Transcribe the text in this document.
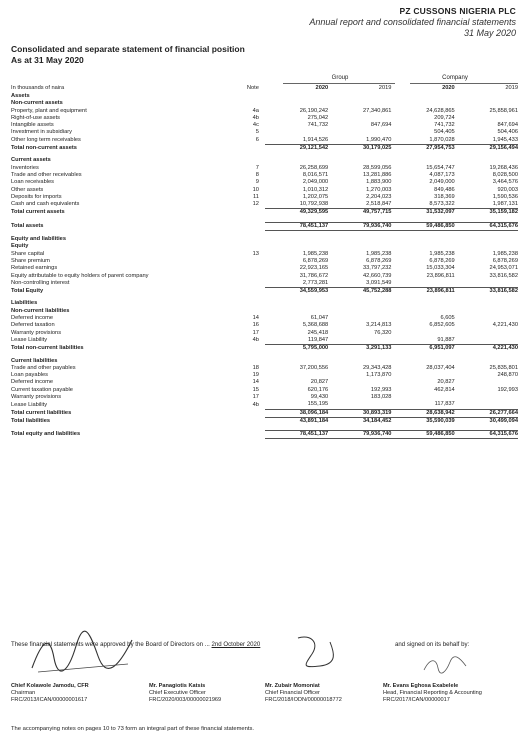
PZ CUSSONS NIGERIA PLC
Annual report and consolidated financial statements
31 May 2020
Consolidated and separate statement of financial position
As at 31 May 2020
Group	Company
In thousands of naira	Note	2020	2019	2020	2019
Assets					
Non-current assets					
Property, plant and equipment	4a	26,190,242	27,340,861	24,628,865	25,858,961
Right-of-use assets	4b	275,042		209,724	
Intangible assets	4c	741,732	847,694	741,732	847,694
Investment in subsidiary	5			504,405	504,406
Other long term receivables	6	1,914,526	1,990,470	1,870,028	1,945,433
Total non-current assets		29,121,542	30,179,025	27,954,753	29,156,494

Current assets					
Inventories	7	26,258,699	28,599,056	15,654,747	19,268,436
Trade and other receivables	8	8,016,571	13,281,886	4,087,173	8,028,500
Loan receivables	9	2,049,000	1,883,900	2,049,000	3,464,576
Other assets	10	1,010,312	1,270,003	849,486	920,003
Deposits for imports	11	1,202,075	2,204,023	318,369	1,590,536
Cash and cash equivalents	12	10,792,938	2,518,847	8,573,322	1,987,131
Total current assets		49,329,595	49,757,715	31,532,097	35,159,182

Total assets		78,451,137	79,936,740	59,486,850	64,315,676

Equity and liabilities					
Equity					
Share capital	13	1,985,238	1,985,238	1,985,238	1,985,238
Share premium		6,878,269	6,878,269	6,878,269	6,878,269
Retained earnings		22,923,165	33,797,232	15,033,304	24,953,071
Equity attributable to equity holders of parent company		31,786,672	42,660,739	23,896,811	33,816,582
Non-controlling interest		2,773,281	3,091,549		
Total Equity		34,559,953	45,752,288	23,896,811	33,816,582

Liabilities					
Non-current liabilities					
Deferred income	14	61,047		6,605	
Deferred taxation	16	5,368,688	3,214,813	6,852,605	4,221,430
Warranty provisions	17	245,418	76,320		
Lease Liability	4b	119,847		91,887	
Total non-current liabilities		5,795,000	3,291,133	6,951,097	4,221,430

Current liabilities					
Trade and other payables	18	37,200,556	29,343,428	28,037,404	25,835,801
Loan payables	19		1,173,870		248,870
Deferred income	14	20,827		20,827	
Current taxation payable	15	620,176	192,993	462,814	192,993
Warranty provisions	17	99,430	183,028		
Lease Liability	4b	155,195		117,837	
Total current liabilities		38,096,184	30,893,319	28,638,942	26,277,664
Total liabilities		43,891,184	34,184,452	35,590,039	30,499,094

Total equity and liabilities		78,451,137	79,936,740	59,486,850	64,315,676
These financial statements were approved by the Board of Directors on ... 2nd October 2020	and signed on its behalf by:
Chief Kolawole Jamodu, CFR
Chairman
FRC/2013/ICAN/00000001617
Mr. Panagiotis Katsis
Chief Executive Officer
FRC/2020/003/00000021969
Mr. Zubair Momoniat
Chief Financial Officer
FRC/2018/IODN/00000018772
Mr. Evans Eghosa Exabelele
Head, Financial Reporting & Accounting
FRC/2017/ICAN/00000017
The accompanying notes on pages 10 to 73 form an integral part of these financial statements.
